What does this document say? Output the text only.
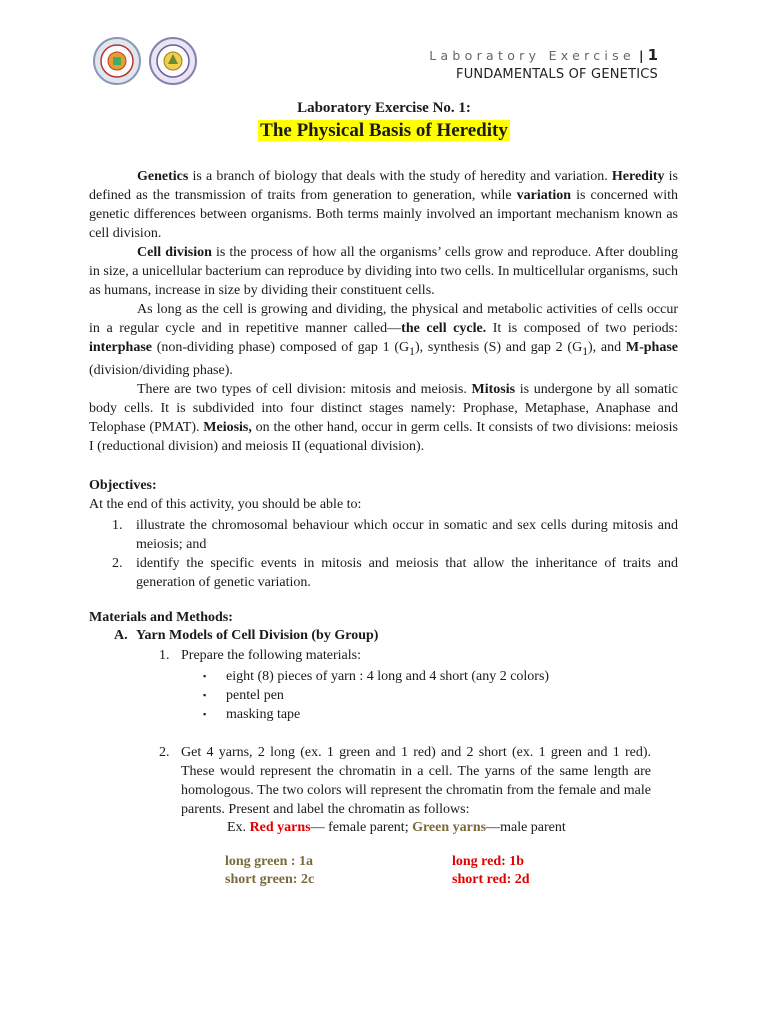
Laboratory Exercise | 1
FUNDAMENTALS OF GENETICS
Laboratory Exercise No. 1:
The Physical Basis of Heredity

Genetics is a branch of biology that deals with the study of heredity and variation. Heredity is defined as the transmission of traits from generation to generation, while variation is concerned with genetic differences between organisms. Both terms mainly involved an important mechanism known as cell division.

Cell division is the process of how all the organisms’ cells grow and reproduce. After doubling in size, a unicellular bacterium can reproduce by dividing into two cells. In multicellular organisms, such as humans, increase in size by dividing their constituent cells.

As long as the cell is growing and dividing, the physical and metabolic activities of cells occur in a regular cycle and in repetitive manner called—the cell cycle. It is composed of two periods: interphase (non-dividing phase) composed of gap 1 $(G_1)$, synthesis (S) and gap 2 $(G_1)$, and M-phase (division/dividing phase).

There are two types of cell division: mitosis and meiosis. Mitosis is undergone by all somatic body cells. It is subdivided into four distinct stages namely: Prophase, Metaphase, Anaphase and Telophase (PMAT). Meiosis, on the other hand, occur in germ cells. It consists of two divisions: meiosis I (reductional division) and meiosis II (equational division).

Objectives:
At the end of this activity, you should be able to:
1. illustrate the chromosomal behaviour which occur in somatic and sex cells during mitosis and meiosis; and
2. identify the specific events in mitosis and meiosis that allow the inheritance of traits and generation of genetic variation.
Materials and Methods:
A. Yarn Models of Cell Division (by Group)
1. Prepare the following materials:
▪ eight (8) pieces of yarn : 4 long and 4 short (any 2 colors)
▪ pentel pen
▪ masking tape
2. Get 4 yarns, 2 long (ex. 1 green and 1 red) and 2 short (ex. 1 green and 1 red). These would represent the chromatin in a cell. The yarns of the same length are homologous. The two colors will represent the chromatin from the female and male parents. Present and label the chromatin as follows:
Ex. Red yarns— female parent; Green yarns—male parent
long green : 1a
short green: 2c
long red: 1b
short red: 2d
